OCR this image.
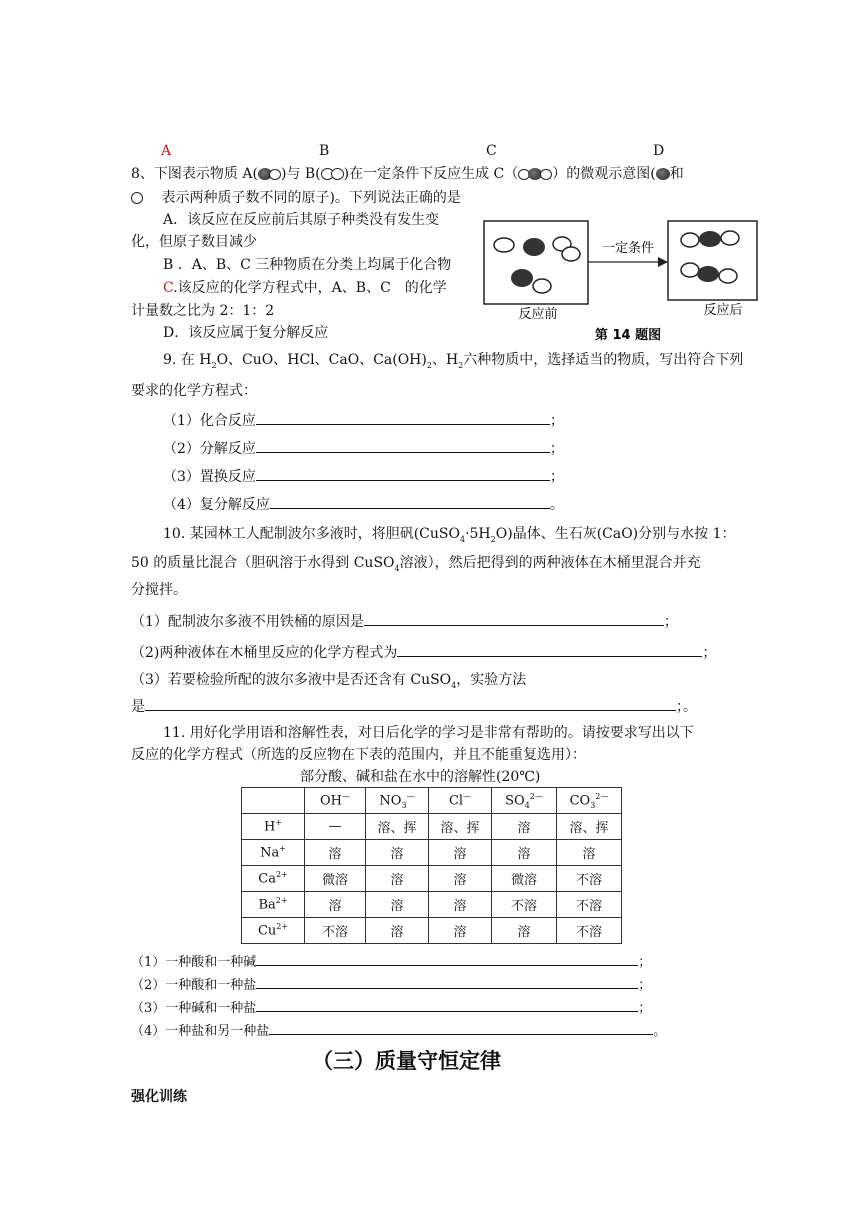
A	B	C	D
8、下图表示物质 A( )与 B( )在一定条件下反应生成 C（ ）的微观示意图( 和
表示两种质子数不同的原子)。下列说法正确的是
A．该反应在反应前后其原子种类没有发生变
化，但原子数目减少
B ．A、B、C 三种物质在分类上均属于化合物
C.该反应的化学方程式中，A、B、C　的化学
计量数之比为 2：1：2
D．该反应属于复分解反应
一定条件
反应前	反应后
第 14 题图
9. 在 $H_2O$、CuO、HCl、CaO、$Ca(OH)_2$、$H_2$六种物质中，选择适当的物质，写出符合下列
要求的化学方程式：
（1）化合反应	；
（2）分解反应	；
（3）置换反应	；
（4）复分解反应	。
10. 某园林工人配制波尔多液时，将胆矾$(CuSO_4\cdot 5H_2O)$晶体、生石灰(CaO)分别与水按 1：
50 的质量比混合（胆矾溶于水得到 CuSO$_4$溶液），然后把得到的两种液体在木桶里混合并充
分搅拌。
（1）配制波尔多液不用铁桶的原因是	；
（2)两种液体在木桶里反应的化学方程式为	；
（3）若要检验所配的波尔多液中是否还含有 CuSO$_4$，实验方法
是	；。
11. 用好化学用语和溶解性表，对日后化学的学习是非常有帮助的。请按要求写出以下
反应的化学方程式（所选的反应物在下表的范围内，并且不能重复选用）：
部分酸、碱和盐在水中的溶解性(20℃)
	OH—	$NO_3^—$	Cl—	$SO_4^{2—}$	$CO_3^{2—}$
H+	—	溶、挥	溶、挥	溶	溶、挥
Na+	溶	溶	溶	溶	溶
$Ca^{2+}$	微溶	溶	溶	微溶	不溶
$Ba^{2+}$	溶	溶	溶	不溶	不溶
$Cu^{2+}$	不溶	溶	溶	溶	不溶
（1）一种酸和一种碱	；
（2）一种酸和一种盐	；
（3）一种碱和一种盐	；
（4）一种盐和另一种盐	。
（三）质量守恒定律
强化训练
